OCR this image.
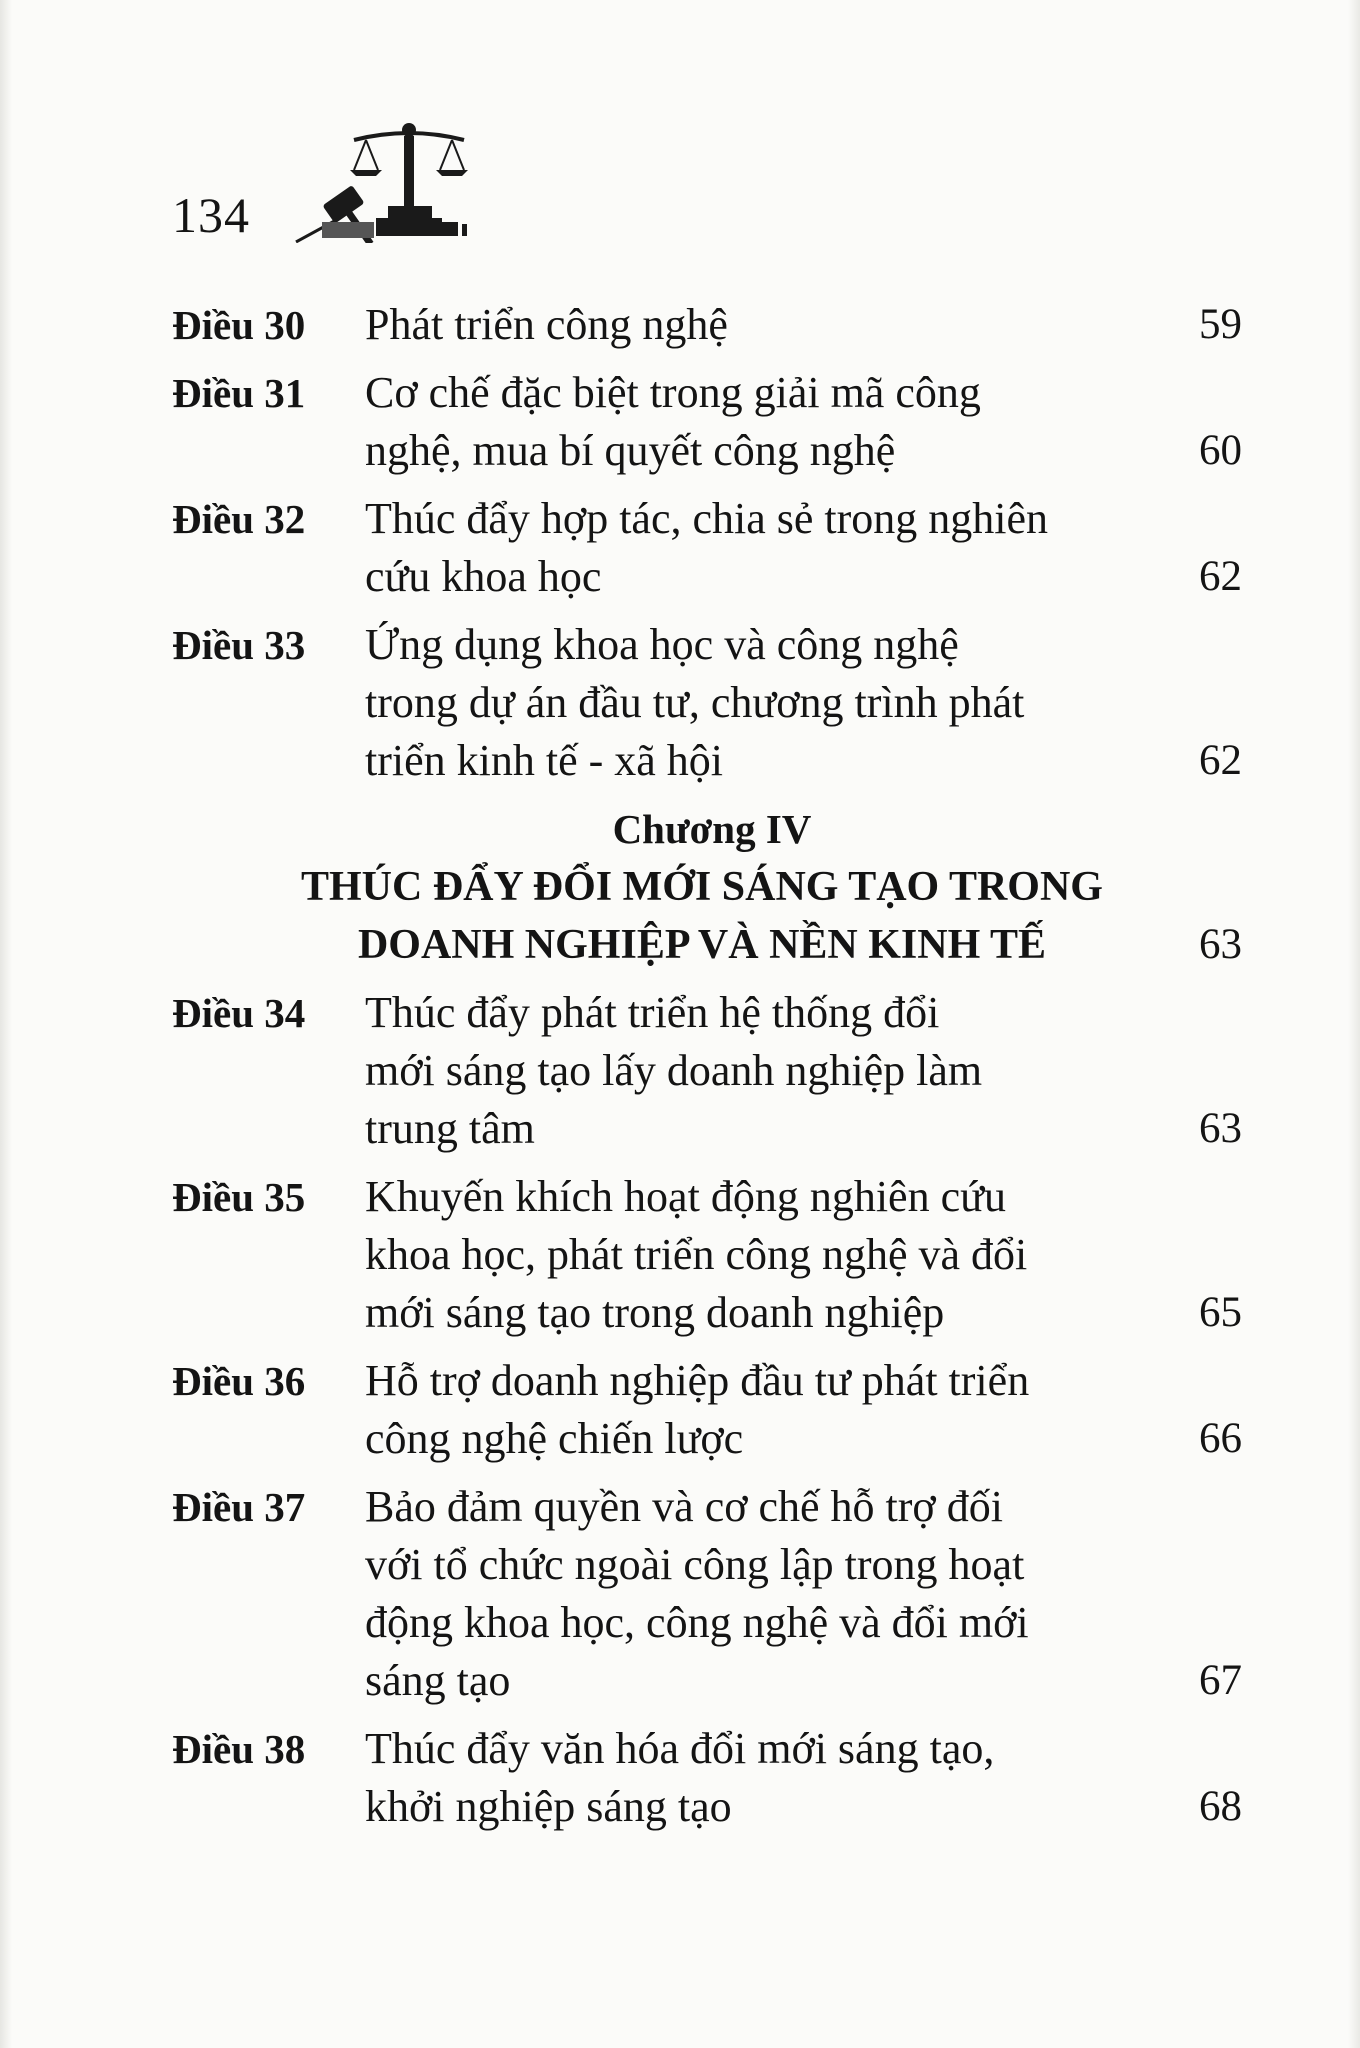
134
Điều 30 Phát triển công nghệ	59
Điều 31 Cơ chế đặc biệt trong giải mã công
nghệ, mua bí quyết công nghệ	60
Điều 32 Thúc đẩy hợp tác, chia sẻ trong nghiên
cứu khoa học	62
Điều 33 Ứng dụng khoa học và công nghệ
trong dự án đầu tư, chương trình phát
triển kinh tế - xã hội	62
Chương IV
THÚC ĐẨY ĐỔI MỚI SÁNG TẠO TRONG
DOANH NGHIỆP VÀ NỀN KINH TẾ	63
Điều 34 Thúc đẩy phát triển hệ thống đổi
mới sáng tạo lấy doanh nghiệp làm
trung tâm	63
Điều 35 Khuyến khích hoạt động nghiên cứu
khoa học, phát triển công nghệ và đổi
mới sáng tạo trong doanh nghiệp	65
Điều 36 Hỗ trợ doanh nghiệp đầu tư phát triển
công nghệ chiến lược	66
Điều 37 Bảo đảm quyền và cơ chế hỗ trợ đối
với tổ chức ngoài công lập trong hoạt
động khoa học, công nghệ và đổi mới
sáng tạo	67
Điều 38 Thúc đẩy văn hóa đổi mới sáng tạo,
khởi nghiệp sáng tạo	68
